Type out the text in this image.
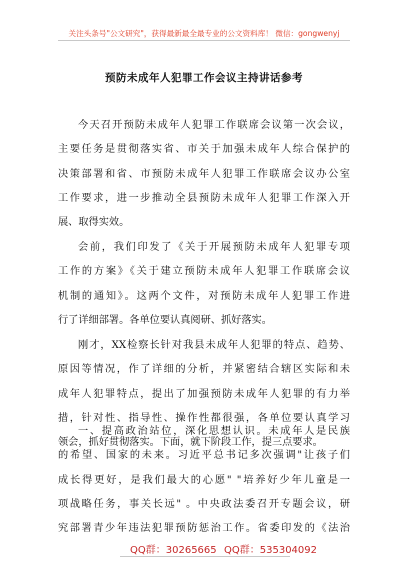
关注头条号"公文研究"，获得最新最全最专业的公文资料库！ 微信：gongwenyj
预防未成年人犯罪工作会议主持讲话参考
今天召开预防未成年人犯罪工作联席会议第一次会议，
主要任务是贯彻落实省、市关于加强未成年人综合保护的
决策部署和省、市预防未成年人犯罪工作联席会议办公室
工作要求，进一步推动全县预防未成年人犯罪工作深入开
展、取得实效。
会前，我们印发了《关于开展预防未成年人犯罪专项
工作的方案》《关于建立预防未成年人犯罪工作联席会议
机制的通知》。这两个文件，对预防未成年人犯罪工作进
行了详细部署。各单位要认真阅研、抓好落实。
刚才，XX检察长针对我县未成年人犯罪的特点、趋势、
原因等情况，作了详细的分析，并紧密结合辖区实际和未
成年人犯罪特点，提出了加强预防未成年人犯罪的有力举
措，针对性、指导性、操作性都很强，各单位要认真学习
领会，抓好贯彻落实。下面，就下阶段工作，提三点要求。
一、提高政治站位，深化思想认识。未成年人是民族
的希望、国家的未来。习近平总书记多次强调"让孩子们
成长得更好，是我们最大的心愿" "培养好少年儿童是一
项战略任务，事关长远" 。中央政法委召开专题会议，研
究部署青少年违法犯罪预防惩治工作。省委印发的《法治
QQ群：30265665 QQ群：535304092
